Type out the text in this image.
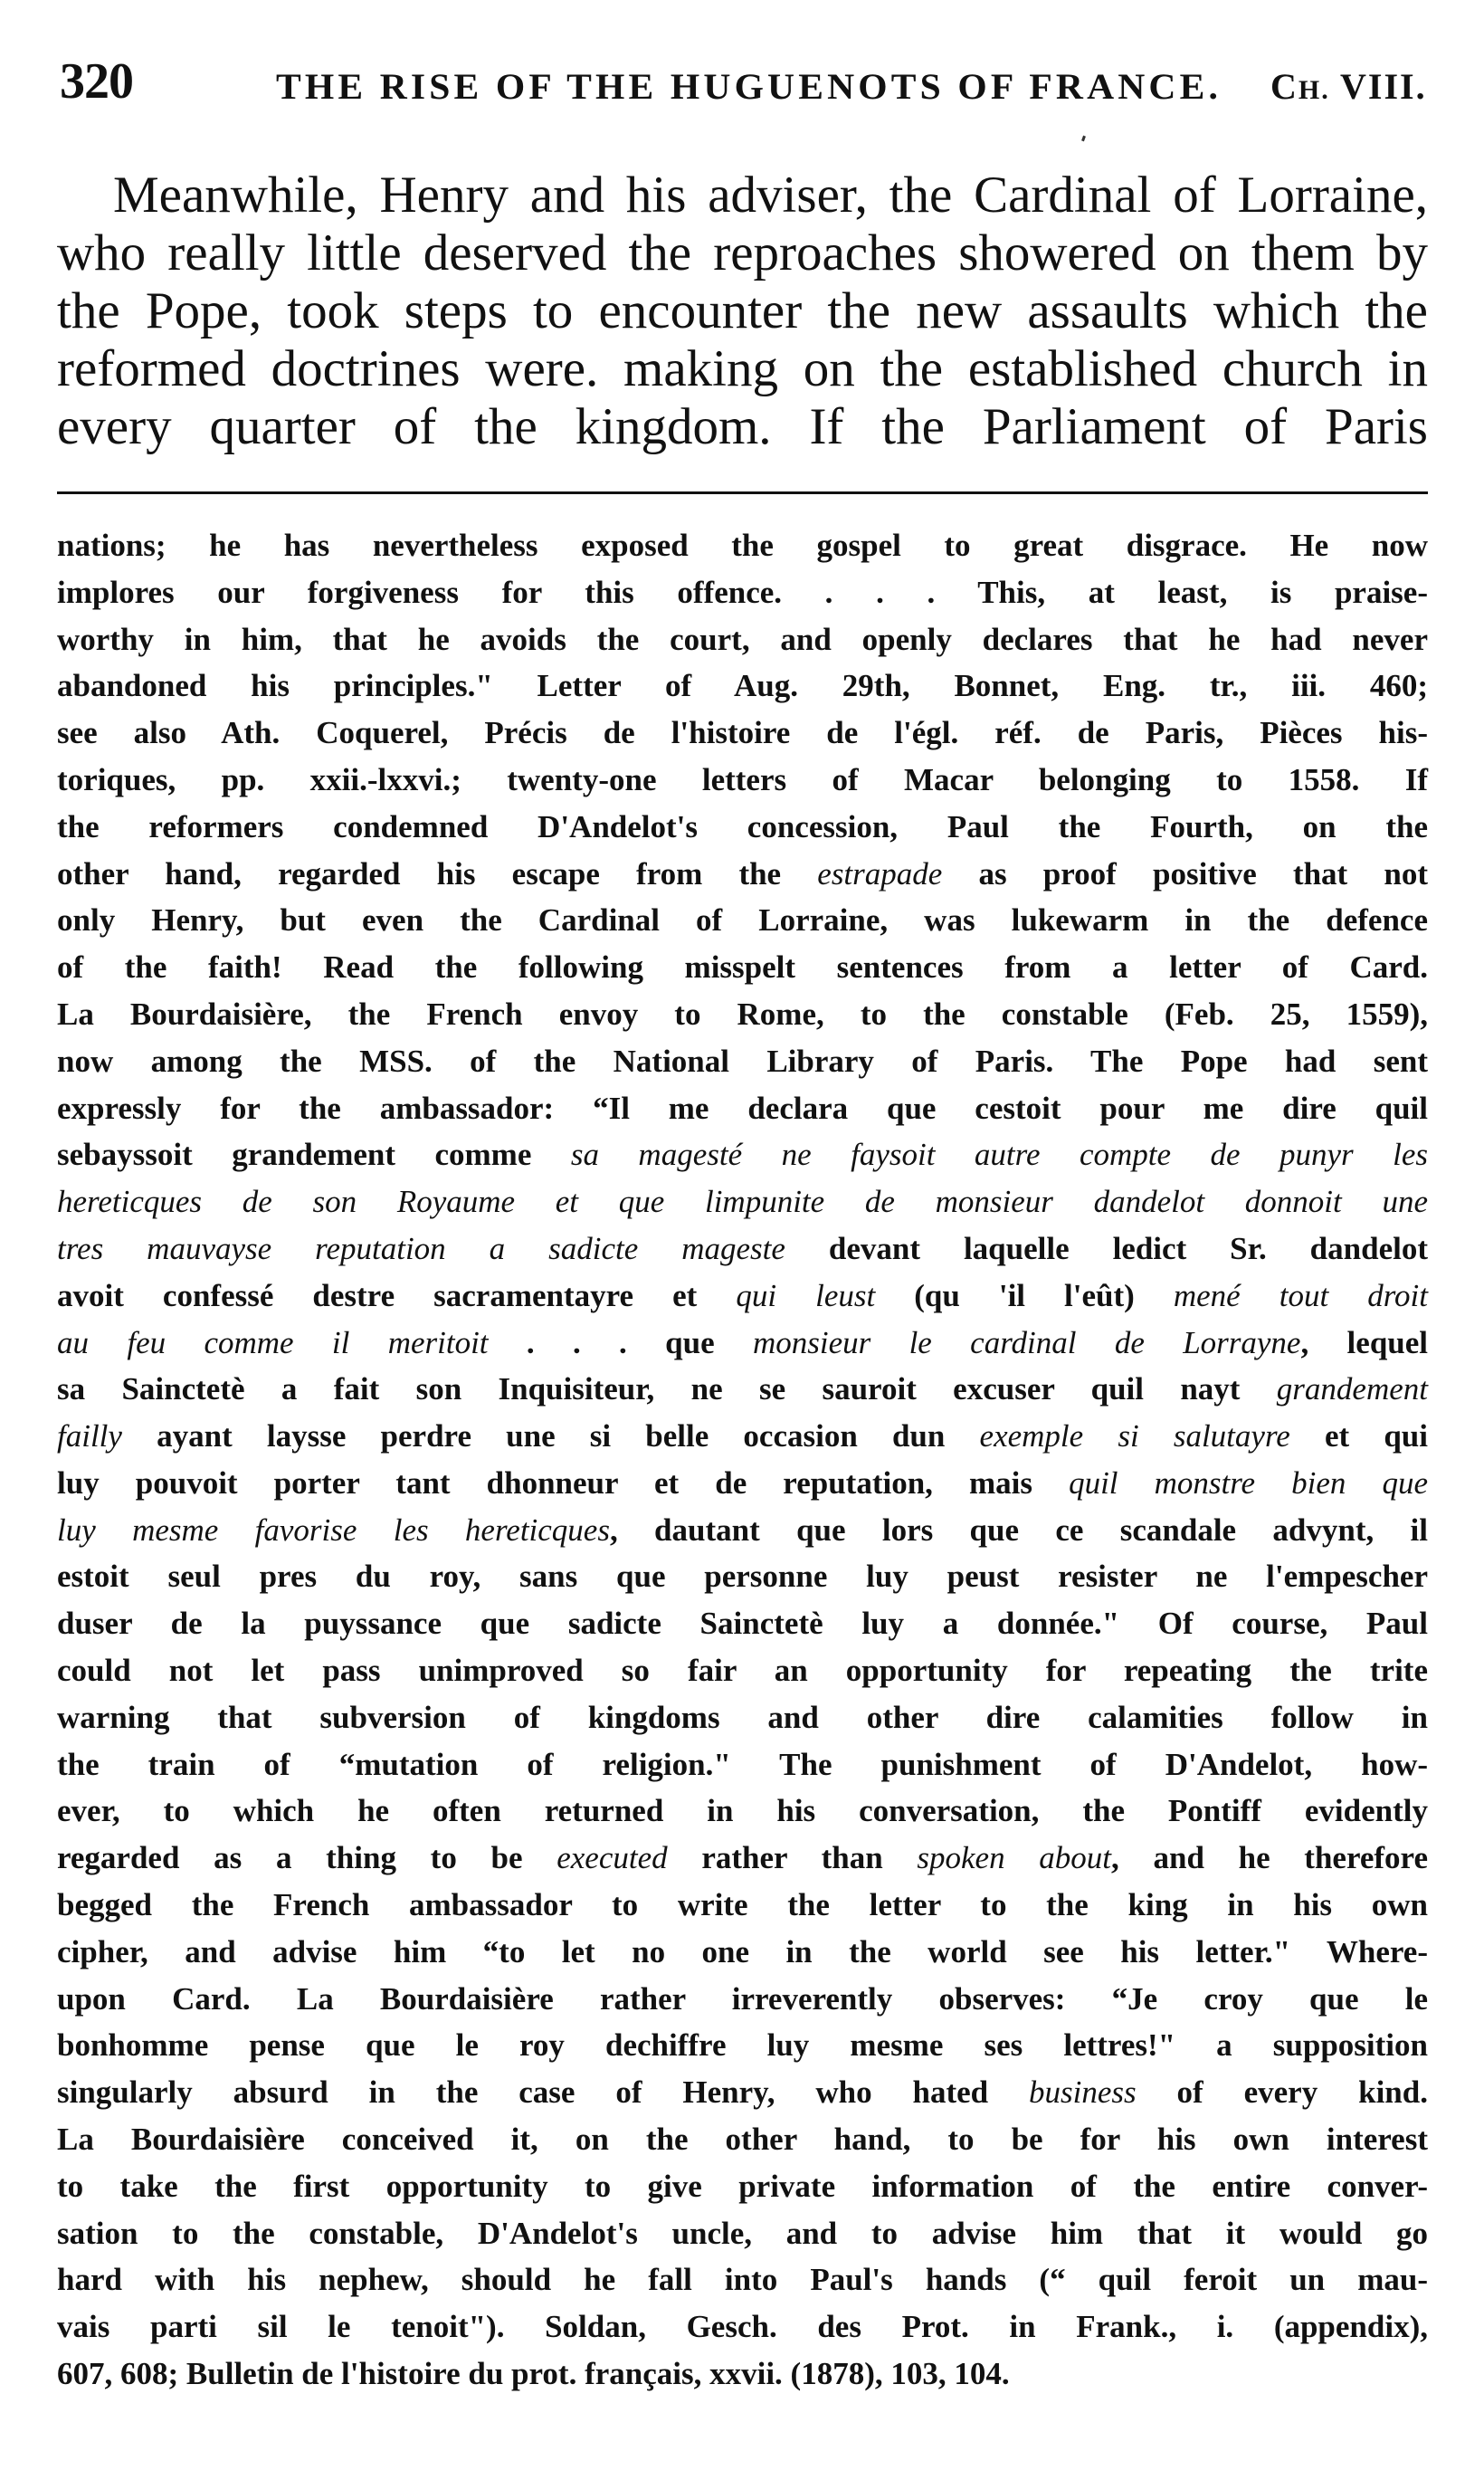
320	THE RISE OF THE HUGUENOTS OF FRANCE. CH. VIII.
Meanwhile, Henry and his adviser, the Cardinal of Lorraine,
who really little deserved the reproaches showered on them by
the Pope, took steps to encounter the new assaults which the
reformed doctrines were. making on the established church in
every quarter of the kingdom. If the Parliament of Paris
nations; he has nevertheless exposed the gospel to great disgrace. He now
implores our forgiveness for this offence. . . . This, at least, is praise-
worthy in him, that he avoids the court, and openly declares that he had never
abandoned his principles." Letter of Aug. 29th, Bonnet, Eng. tr., iii. 460;
see also Ath. Coquerel, Précis de l'histoire de l'égl. réf. de Paris, Pièces his-
toriques, pp. xxii.-lxxvi.; twenty-one letters of Macar belonging to 1558. If
the reformers condemned D'Andelot's concession, Paul the Fourth, on the
other hand, regarded his escape from the estrapade as proof positive that not
only Henry, but even the Cardinal of Lorraine, was lukewarm in the defence
of the faith! Read the following misspelt sentences from a letter of Card.
La Bourdaisière, the French envoy to Rome, to the constable (Feb. 25, 1559),
now among the MSS. of the National Library of Paris. The Pope had sent
expressly for the ambassador: “Il me declara que cestoit pour me dire quil
sebayssoit grandement comme sa magesté ne faysoit autre compte de punyr les
hereticques de son Royaume et que limpunite de monsieur dandelot donnoit une
tres mauvayse reputation a sadicte mageste devant laquelle ledict Sr. dandelot
avoit confessé destre sacramentayre et qui leust (qu 'il l'eût) mené tout droit
au feu comme il meritoit . . . que monsieur le cardinal de Lorrayne, lequel
sa Sainctetè a fait son Inquisiteur, ne se sauroit excuser quil nayt grandement
failly ayant laysse perdre une si belle occasion dun exemple si salutayre et qui
luy pouvoit porter tant dhonneur et de reputation, mais quil monstre bien que
luy mesme favorise les hereticques, dautant que lors que ce scandale advynt, il
estoit seul pres du roy, sans que personne luy peust resister ne l'empescher
duser de la puyssance que sadicte Sainctetè luy a donnée." Of course, Paul
could not let pass unimproved so fair an opportunity for repeating the trite
warning that subversion of kingdoms and other dire calamities follow in
the train of “mutation of religion." The punishment of D'Andelot, how-
ever, to which he often returned in his conversation, the Pontiff evidently
regarded as a thing to be executed rather than spoken about, and he therefore
begged the French ambassador to write the letter to the king in his own
cipher, and advise him “to let no one in the world see his letter." Where-
upon Card. La Bourdaisière rather irreverently observes: “Je croy que le
bonhomme pense que le roy dechiffre luy mesme ses lettres!" a supposition
singularly absurd in the case of Henry, who hated business of every kind.
La Bourdaisière conceived it, on the other hand, to be for his own interest
to take the first opportunity to give private information of the entire conver-
sation to the constable, D'Andelot's uncle, and to advise him that it would go
hard with his nephew, should he fall into Paul's hands (“ quil feroit un mau-
vais parti sil le tenoit"). Soldan, Gesch. des Prot. in Frank., i. (appendix),
607, 608; Bulletin de l'histoire du prot. français, xxvii. (1878), 103, 104.
